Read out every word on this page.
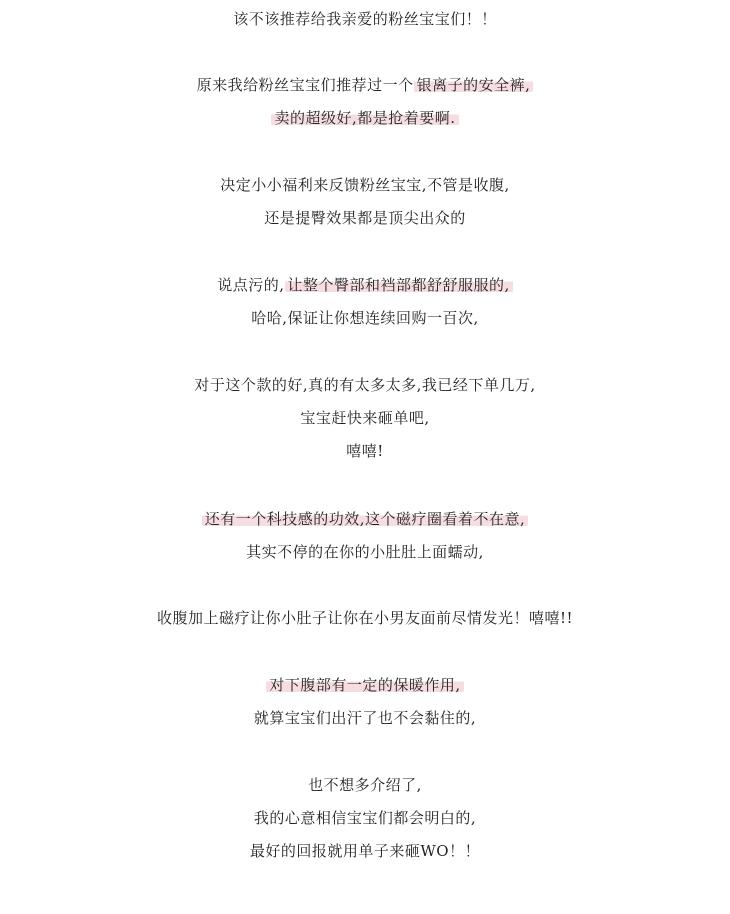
该不该推荐给我亲爱的粉丝宝宝们！！
原来我给粉丝宝宝们推荐过一个 银离子的安全裤,
卖的超级好,都是抢着要啊.
决定小小福利来反馈粉丝宝宝,不管是收腹,
还是提臀效果都是顶尖出众的
说点污的, 让整个臀部和裆部都舒舒服服的,
哈哈,保证让你想连续回购一百次,
对于这个款的好,真的有太多太多,我已经下单几万,
宝宝赶快来砸单吧,
嘻嘻!
还有一个科技感的功效,这个磁疗圈看着不在意,
其实不停的在你的小肚肚上面蠕动,
收腹加上磁疗让你小肚子让你在小男友面前尽情发光！嘻嘻!!
对下腹部有一定的保暖作用,
就算宝宝们出汗了也不会黏住的,
也不想多介绍了,
我的心意相信宝宝们都会明白的,
最好的回报就用单子来砸WO！！
